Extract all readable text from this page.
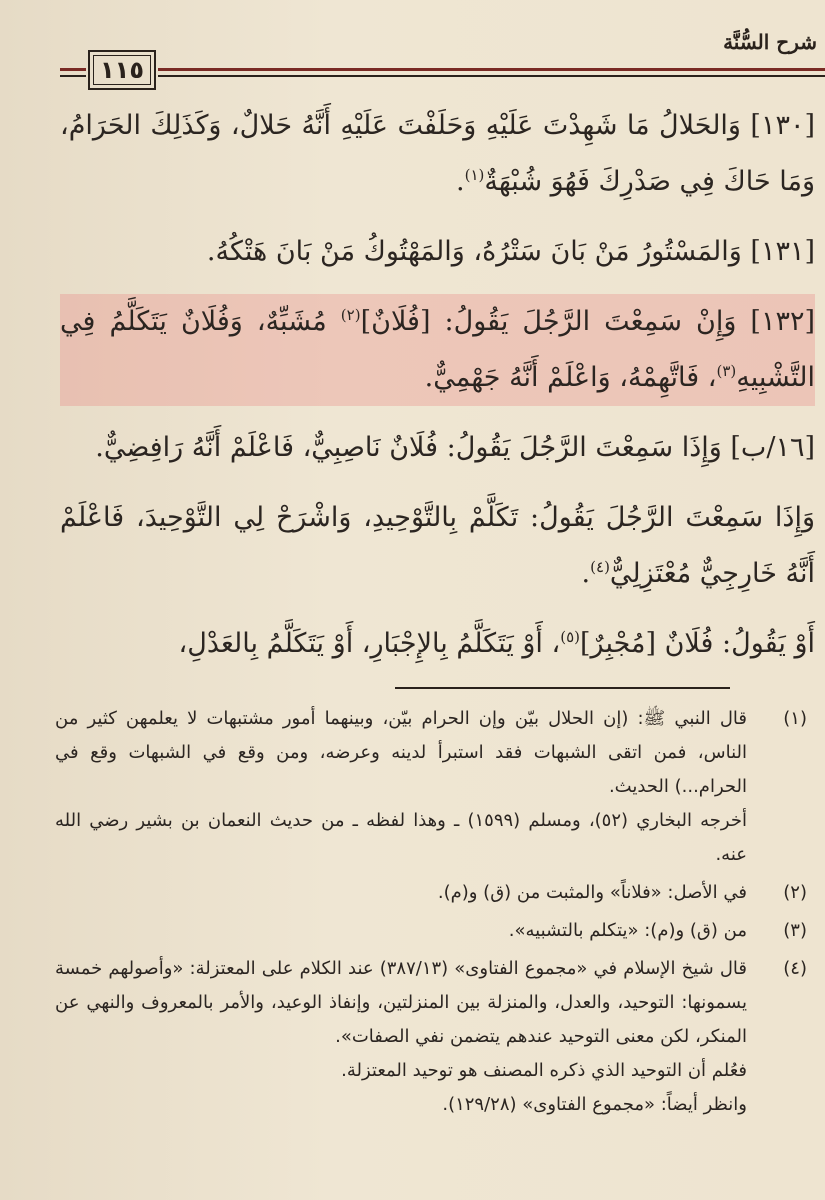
شرح السُّنَّة
١١٥

[١٣٠] وَالحَلالُ مَا شَهِدْتَ عَلَيْهِ وَحَلَفْتَ عَلَيْهِ أَنَّهُ حَلالٌ، وَكَذَلِكَ الحَرَامُ، وَمَا حَاكَ فِي صَدْرِكَ فَهُوَ شُبْهَةٌ$^{(١)}$.

[١٣١] وَالمَسْتُورُ مَنْ بَانَ سَتْرُهُ، وَالمَهْتُوكُ مَنْ بَانَ هَتْكُهُ.

[١٣٢] وَإِنْ سَمِعْتَ الرَّجُلَ يَقُولُ: [فُلَانٌ]$^{(٢)}$ مُشَبِّهٌ، وَفُلَانٌ يَتَكَلَّمُ فِي التَّشْبِيهِ$^{(٣)}$، فَاتَّهِمْهُ، وَاعْلَمْ أَنَّهُ جَهْمِيٌّ.

[١٦/ب] وَإِذَا سَمِعْتَ الرَّجُلَ يَقُولُ: فُلَانٌ نَاصِبِيٌّ، فَاعْلَمْ أَنَّهُ رَافِضِيٌّ.

وَإِذَا سَمِعْتَ الرَّجُلَ يَقُولُ: تَكَلَّمْ بِالتَّوْحِيدِ، وَاشْرَحْ لِي التَّوْحِيدَ، فَاعْلَمْ أَنَّهُ خَارِجِيٌّ مُعْتَزِلِيٌّ$^{(٤)}$.

أَوْ يَقُولُ: فُلَانٌ [مُجْبِرٌ]$^{(٥)}$، أَوْ يَتَكَلَّمُ بِالإِجْبَارِ، أَوْ يَتَكَلَّمُ بِالعَدْلِ،

(١)
قال النبي ﷺ: (إن الحلال بيّن وإن الحرام بيّن، وبينهما أمور مشتبهات لا يعلمهن كثير من الناس، فمن اتقى الشبهات فقد استبرأ لدينه وعرضه، ومن وقع في الشبهات وقع في الحرام...) الحديث.
أخرجه البخاري (٥٢)، ومسلم (١٥٩٩) ـ وهذا لفظه ـ من حديث النعمان بن بشير رضي الله عنه.
(٢)
في الأصل: «فلاناً» والمثبت من (ق) و(م).
(٣)
من (ق) و(م): «يتكلم بالتشبيه».
(٤)
قال شيخ الإسلام في «مجموع الفتاوى» (٣٨٧/١٣) عند الكلام على المعتزلة: «وأصولهم خمسة يسمونها: التوحيد، والعدل، والمنزلة بين المنزلتين، وإنفاذ الوعيد، والأمر بالمعروف والنهي عن المنكر، لكن معنى التوحيد عندهم يتضمن نفي الصفات».
فعُلم أن التوحيد الذي ذكره المصنف هو توحيد المعتزلة.
وانظر أيضاً: «مجموع الفتاوى» (١٢٩/٢٨).
